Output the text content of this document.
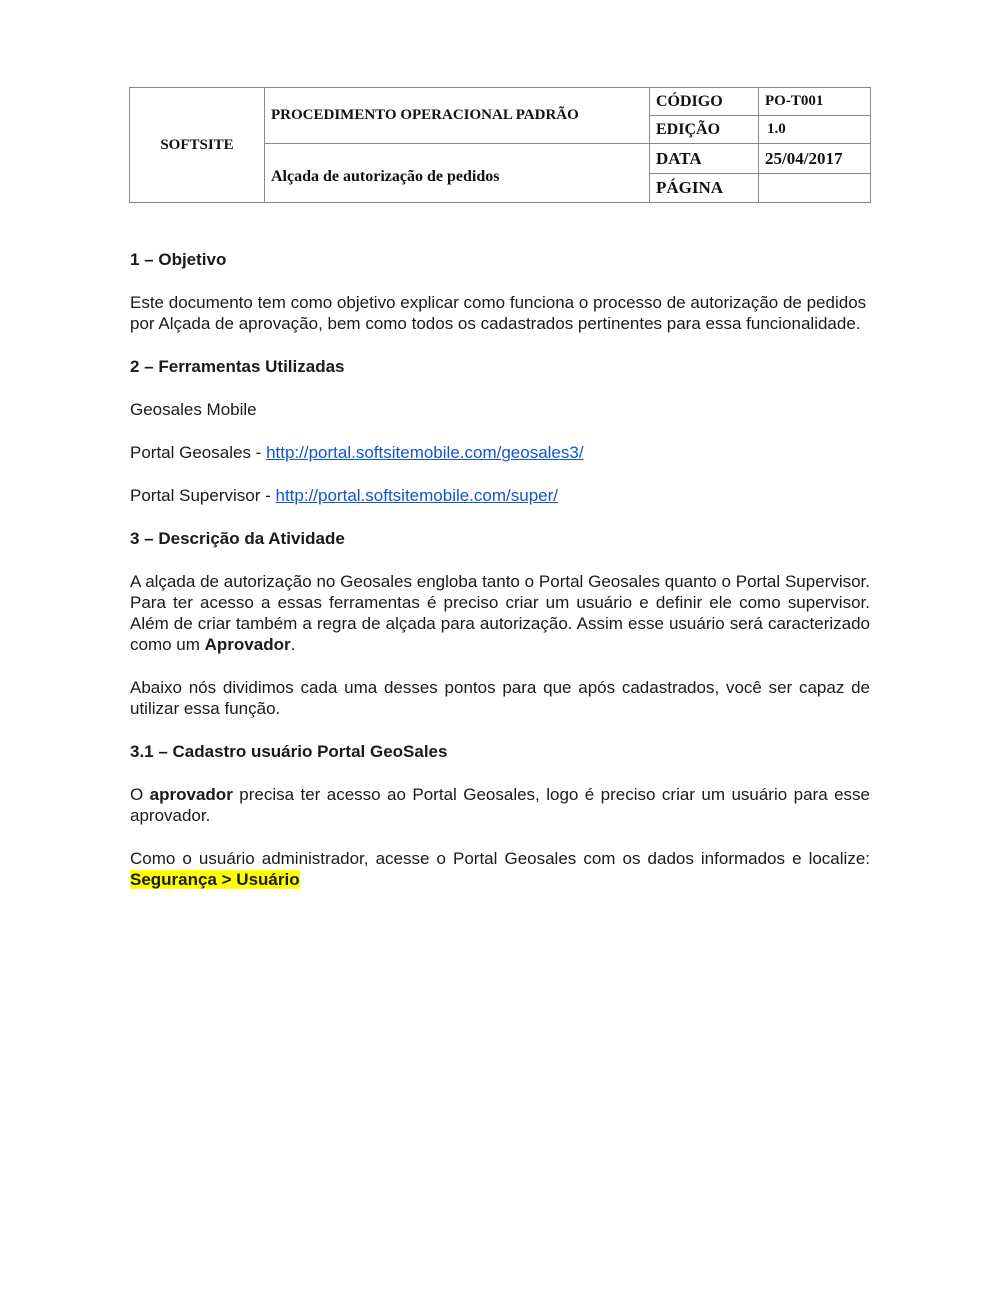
SOFTSITE	PROCEDIMENTO OPERACIONAL PADRÃO	CÓDIGO	PO-T001
		EDIÇÃO	1.0
	Alçada de autorização de pedidos	DATA	25/04/2017
		PÁGINA	
1 – Objetivo

Este documento tem como objetivo explicar como funciona o processo de autorização de pedidos por Alçada de aprovação, bem como todos os cadastrados pertinentes para essa funcionalidade.

2 – Ferramentas Utilizadas

Geosales Mobile

Portal Geosales - http://portal.softsitemobile.com/geosales3/

Portal Supervisor - http://portal.softsitemobile.com/super/

3 – Descrição da Atividade

A alçada de autorização no Geosales engloba tanto o Portal Geosales quanto o Portal Supervisor. Para ter acesso a essas ferramentas é preciso criar um usuário e definir ele como supervisor. Além de criar também a regra de alçada para autorização. Assim esse usuário será caracterizado como um Aprovador.

Abaixo nós dividimos cada uma desses pontos para que após cadastrados, você ser capaz de utilizar essa função.

3.1 – Cadastro usuário Portal GeoSales

O aprovador precisa ter acesso ao Portal Geosales, logo é preciso criar um usuário para esse aprovador.

Como o usuário administrador, acesse o Portal Geosales com os dados informados e localize: Segurança > Usuário
